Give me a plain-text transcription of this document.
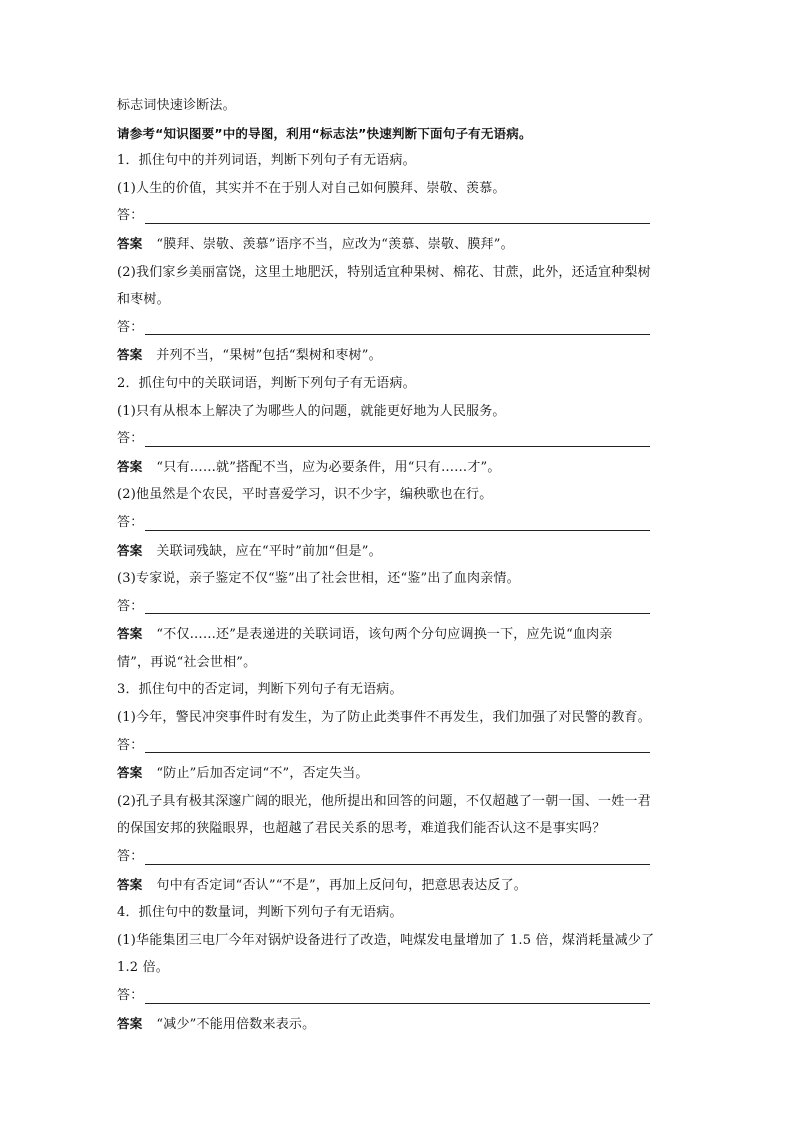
标志词快速诊断法。
请参考“知识图要”中的导图，利用“标志法”快速判断下面句子有无语病。
1．抓住句中的并列词语，判断下列句子有无语病。
(1)人生的价值，其实并不在于别人对自己如何膜拜、崇敬、羡慕。
答：
答案 “膜拜、崇敬、羡慕”语序不当，应改为“羡慕、崇敬、膜拜”。
(2)我们家乡美丽富饶，这里土地肥沃，特别适宜种果树、棉花、甘蔗，此外，还适宜种梨树
和枣树。
答：
答案 并列不当，“果树”包括“梨树和枣树”。
2．抓住句中的关联词语，判断下列句子有无语病。
(1)只有从根本上解决了为哪些人的问题，就能更好地为人民服务。
答：
答案 “只有……就”搭配不当，应为必要条件，用“只有……才”。
(2)他虽然是个农民，平时喜爱学习，识不少字，编秧歌也在行。
答：
答案 关联词残缺，应在“平时”前加“但是”。
(3)专家说，亲子鉴定不仅“鉴”出了社会世相，还“鉴”出了血肉亲情。
答：
答案 “不仅……还”是表递进的关联词语，该句两个分句应调换一下，应先说“血肉亲
情”，再说“社会世相”。
3．抓住句中的否定词，判断下列句子有无语病。
(1)今年，警民冲突事件时有发生，为了防止此类事件不再发生，我们加强了对民警的教育。
答：
答案 “防止”后加否定词“不”，否定失当。
(2)孔子具有极其深邃广阔的眼光，他所提出和回答的问题，不仅超越了一朝一国、一姓一君
的保国安邦的狭隘眼界，也超越了君民关系的思考，难道我们能否认这不是事实吗？
答：
答案 句中有否定词“否认”“不是”，再加上反问句，把意思表达反了。
4．抓住句中的数量词，判断下列句子有无语病。
(1)华能集团三电厂今年对锅炉设备进行了改造，吨煤发电量增加了 1.5 倍，煤消耗量减少了
1.2 倍。
答：
答案 “减少”不能用倍数来表示。
